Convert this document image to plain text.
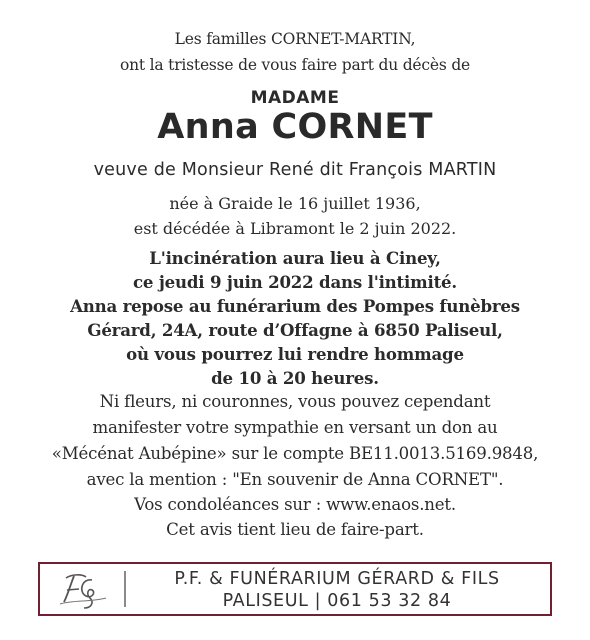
Les familles CORNET-MARTIN,
ont la tristesse de vous faire part du décès de
MADAME
Anna CORNET
veuve de Monsieur René dit François MARTIN
née à Graide le 16 juillet 1936,
est décédée à Libramont le 2 juin 2022.
L'incinération aura lieu à Ciney,
ce jeudi 9 juin 2022 dans l'intimité.
Anna repose au funérarium des Pompes funèbres
Gérard, 24A, route d’Offagne à 6850 Paliseul,
où vous pourrez lui rendre hommage
de 10 à 20 heures.
Ni fleurs, ni couronnes, vous pouvez cependant
manifester votre sympathie en versant un don au
«Mécénat Aubépine» sur le compte BE11.0013.5169.9848,
avec la mention : "En souvenir de Anna CORNET".
Vos condoléances sur : www.enaos.net.
Cet avis tient lieu de faire-part.
P.F. & FUNÉRARIUM GÉRARD & FILS
PALISEUL | 061 53 32 84
